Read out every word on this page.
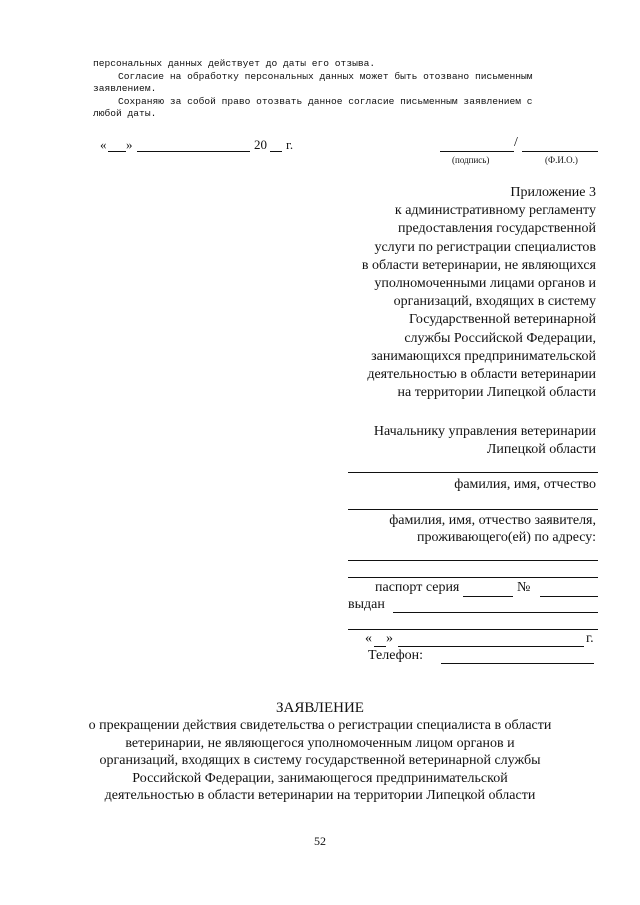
персональных данных действует до даты его отзыва.
Согласие на обработку персональных данных может быть отозвано письменным
заявлением.
Сохраняю за собой право отозвать данное согласие письменным заявлением с
любой даты.
« »	20 г.	/
(подпись)	(Ф.И.О.)
Приложение 3
к административному регламенту
предоставления государственной
услуги по регистрации специалистов
в области ветеринарии, не являющихся
уполномоченными лицами органов и
организаций, входящих в систему
Государственной ветеринарной
службы Российской Федерации,
занимающихся предпринимательской
деятельностью в области ветеринарии
на территории Липецкой области
Начальнику управления ветеринарии
Липецкой области
фамилия, имя, отчество
фамилия, имя, отчество заявителя,
проживающего(ей) по адресу:
паспорт серия	№
выдан
« »	г.
Телефон:
ЗАЯВЛЕНИЕ
о прекращении действия свидетельства о регистрации специалиста в области
ветеринарии, не являющегося уполномоченным лицом органов и
организаций, входящих в систему государственной ветеринарной службы
Российской Федерации, занимающегося предпринимательской
деятельностью в области ветеринарии на территории Липецкой области
52
